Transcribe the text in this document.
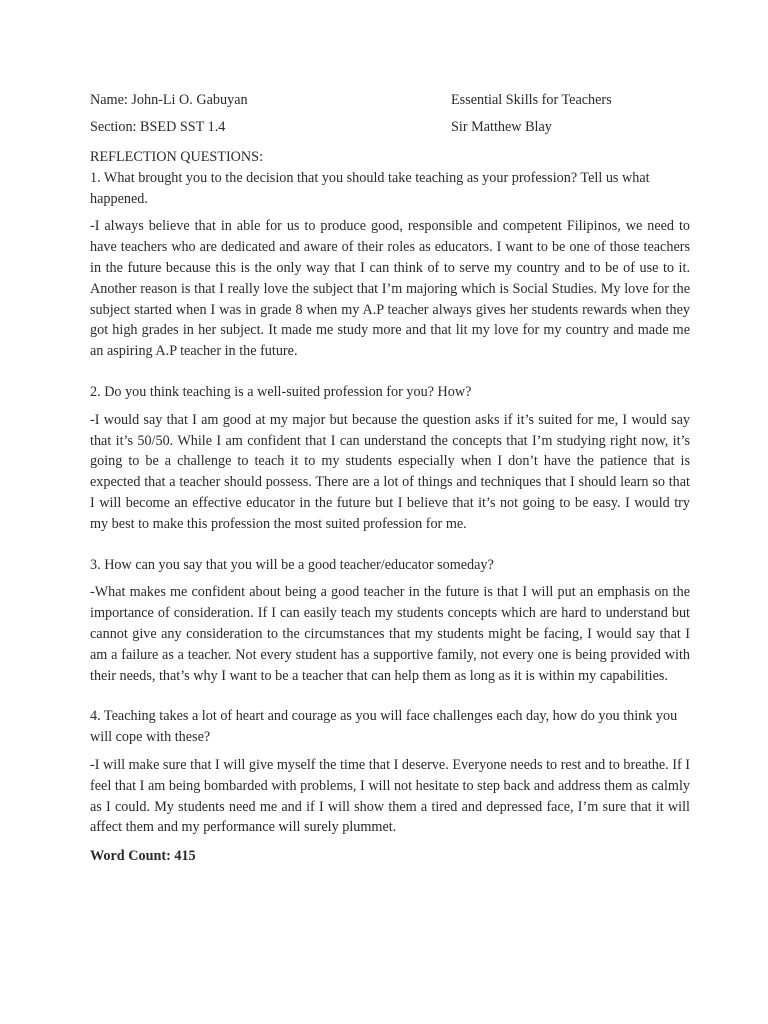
Name: John-Li O. Gabuyan	Essential Skills for Teachers
Section: BSED SST 1.4	Sir Matthew Blay
REFLECTION QUESTIONS:

1. What brought you to the decision that you should take teaching as your profession? Tell us what happened.

-I always believe that in able for us to produce good, responsible and competent Filipinos, we need to have teachers who are dedicated and aware of their roles as educators. I want to be one of those teachers in the future because this is the only way that I can think of to serve my country and to be of use to it. Another reason is that I really love the subject that I’m majoring which is Social Studies. My love for the subject started when I was in grade 8 when my A.P teacher always gives her students rewards when they got high grades in her subject. It made me study more and that lit my love for my country and made me an aspiring A.P teacher in the future.

2. Do you think teaching is a well-suited profession for you? How?

-I would say that I am good at my major but because the question asks if it’s suited for me, I would say that it’s 50/50. While I am confident that I can understand the concepts that I’m studying right now, it’s going to be a challenge to teach it to my students especially when I don’t have the patience that is expected that a teacher should possess. There are a lot of things and techniques that I should learn so that I will become an effective educator in the future but I believe that it’s not going to be easy. I would try my best to make this profession the most suited profession for me.

3. How can you say that you will be a good teacher/educator someday?

-What makes me confident about being a good teacher in the future is that I will put an emphasis on the importance of consideration. If I can easily teach my students concepts which are hard to understand but cannot give any consideration to the circumstances that my students might be facing, I would say that I am a failure as a teacher. Not every student has a supportive family, not every one is being provided with their needs, that’s why I want to be a teacher that can help them as long as it is within my capabilities.

4. Teaching takes a lot of heart and courage as you will face challenges each day, how do you think you will cope with these?

-I will make sure that I will give myself the time that I deserve. Everyone needs to rest and to breathe. If I feel that I am being bombarded with problems, I will not hesitate to step back and address them as calmly as I could. My students need me and if I will show them a tired and depressed face, I’m sure that it will affect them and my performance will surely plummet.

Word Count: 415
